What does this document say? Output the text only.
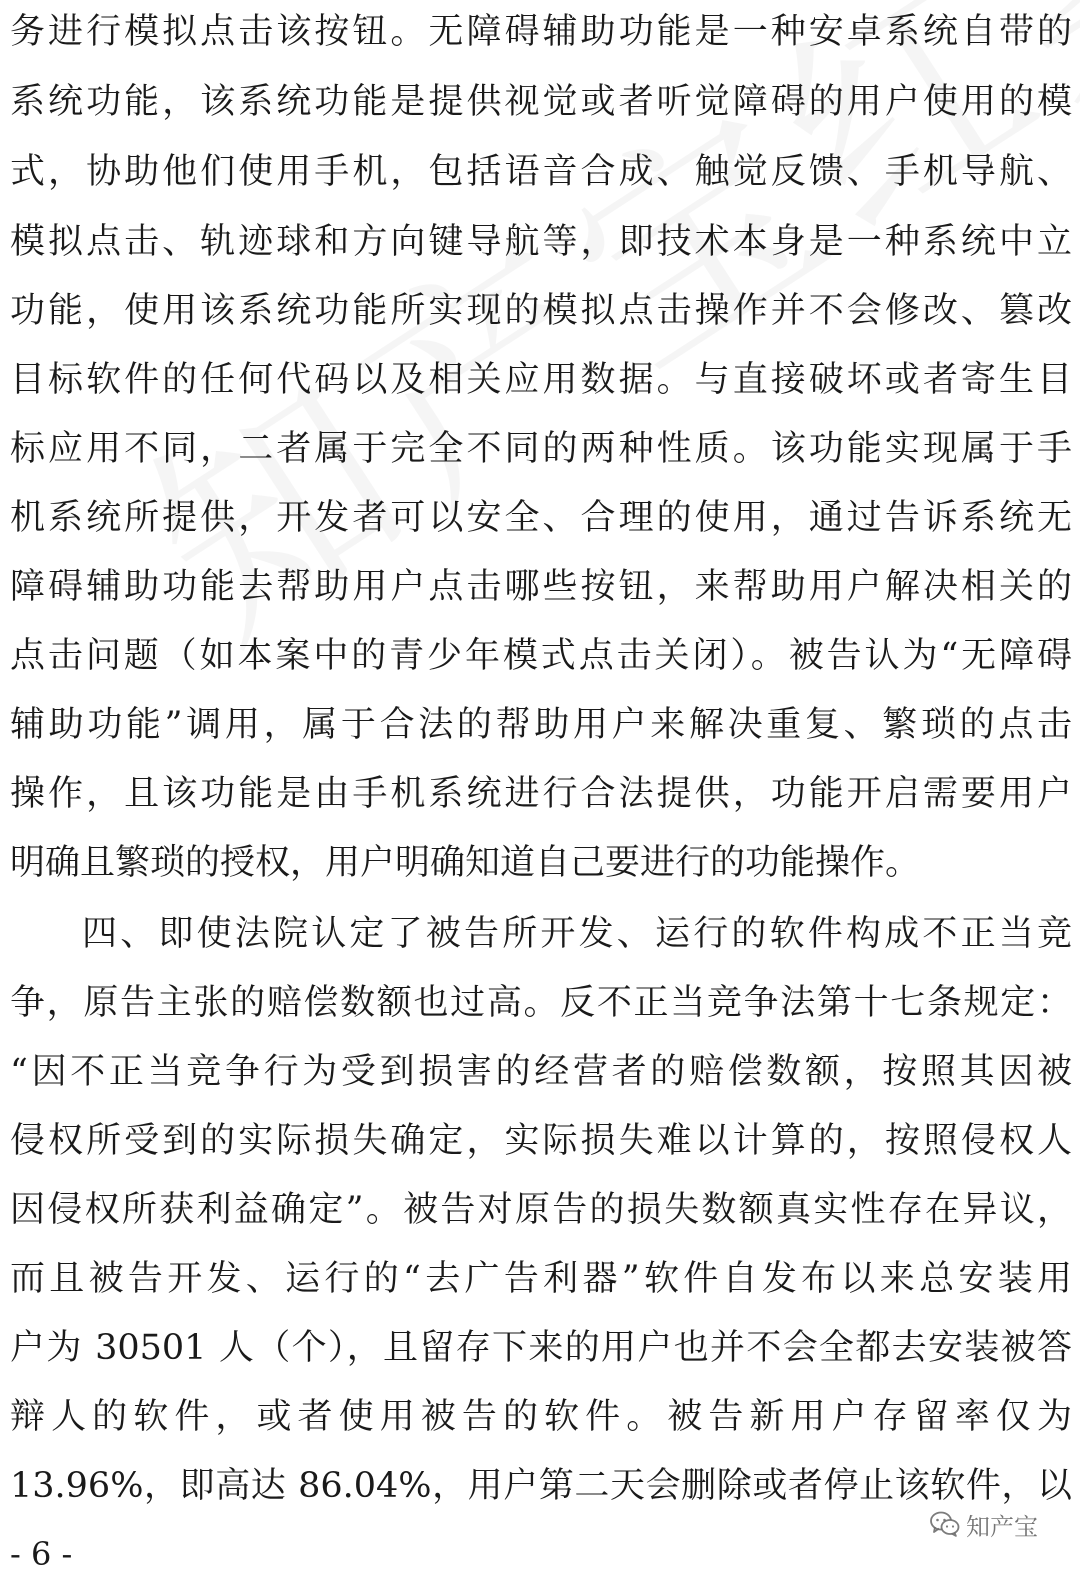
务进行模拟点击该按钮。无障碍辅助功能是一种安卓系统自带的
系统功能，该系统功能是提供视觉或者听觉障碍的用户使用的模
式，协助他们使用手机，包括语音合成、触觉反馈、手机导航、
模拟点击、轨迹球和方向键导航等，即技术本身是一种系统中立
功能，使用该系统功能所实现的模拟点击操作并不会修改、篡改
目标软件的任何代码以及相关应用数据。与直接破坏或者寄生目
标应用不同，二者属于完全不同的两种性质。该功能实现属于手
机系统所提供，开发者可以安全、合理的使用，通过告诉系统无
障碍辅助功能去帮助用户点击哪些按钮，来帮助用户解决相关的
点击问题（如本案中的青少年模式点击关闭）。被告认为“无障碍
辅助功能”调用，属于合法的帮助用户来解决重复、繁琐的点击
操作，且该功能是由手机系统进行合法提供，功能开启需要用户
明确且繁琐的授权，用户明确知道自己要进行的功能操作。
四、即使法院认定了被告所开发、运行的软件构成不正当竞
争，原告主张的赔偿数额也过高。反不正当竞争法第十七条规定：
“因不正当竞争行为受到损害的经营者的赔偿数额，按照其因被
侵权所受到的实际损失确定，实际损失难以计算的，按照侵权人
因侵权所获利益确定”。被告对原告的损失数额真实性存在异议，
而且被告开发、运行的“去广告利器”软件自发布以来总安装用
户为 30501 人（个），且留存下来的用户也并不会全都去安装被答
辩人的软件，或者使用被告的软件。被告新用户存留率仅为
13.96%，即高达 86.04%，用户第二天会删除或者停止该软件，以
- 6 -
知产宝
